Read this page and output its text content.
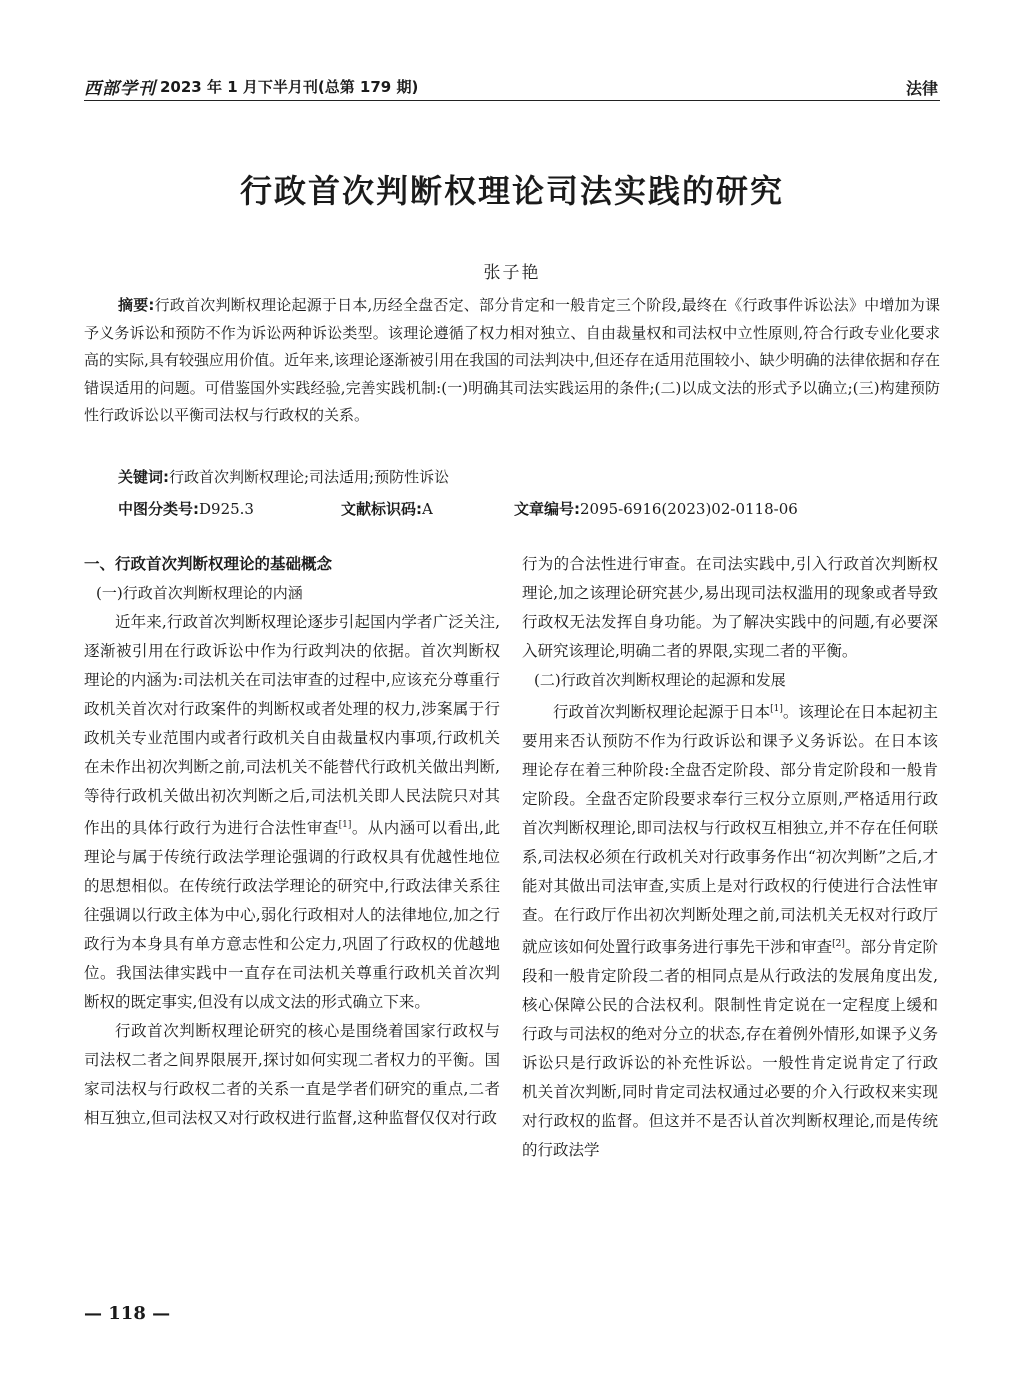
西部学刊 2023 年 1 月下半月刊(总第 179 期)	法律
行政首次判断权理论司法实践的研究
张子艳
摘要:行政首次判断权理论起源于日本,历经全盘否定、部分肯定和一般肯定三个阶段,最终在《行政事件诉讼法》中增加为课予义务诉讼和预防不作为诉讼两种诉讼类型。该理论遵循了权力相对独立、自由裁量权和司法权中立性原则,符合行政专业化要求高的实际,具有较强应用价值。近年来,该理论逐渐被引用在我国的司法判决中,但还存在适用范围较小、缺少明确的法律依据和存在错误适用的问题。可借鉴国外实践经验,完善实践机制:(一)明确其司法实践运用的条件;(二)以成文法的形式予以确立;(三)构建预防性行政诉讼以平衡司法权与行政权的关系。
关键词:行政首次判断权理论;司法适用;预防性诉讼
中图分类号:D925.3	文献标识码:A	文章编号:2095-6916(2023)02-0118-06

一、行政首次判断权理论的基础概念

(一)行政首次判断权理论的内涵

近年来,行政首次判断权理论逐步引起国内学者广泛关注,逐渐被引用在行政诉讼中作为行政判决的依据。首次判断权理论的内涵为:司法机关在司法审查的过程中,应该充分尊重行政机关首次对行政案件的判断权或者处理的权力,涉案属于行政机关专业范围内或者行政机关自由裁量权内事项,行政机关在未作出初次判断之前,司法机关不能替代行政机关做出判断,等待行政机关做出初次判断之后,司法机关即人民法院只对其作出的具体行政行为进行合法性审查[1]。从内涵可以看出,此理论与属于传统行政法学理论强调的行政权具有优越性地位的思想相似。在传统行政法学理论的研究中,行政法律关系往往强调以行政主体为中心,弱化行政相对人的法律地位,加之行政行为本身具有单方意志性和公定力,巩固了行政权的优越地位。我国法律实践中一直存在司法机关尊重行政机关首次判断权的既定事实,但没有以成文法的形式确立下来。

行政首次判断权理论研究的核心是围绕着国家行政权与司法权二者之间界限展开,探讨如何实现二者权力的平衡。国家司法权与行政权二者的关系一直是学者们研究的重点,二者相互独立,但司法权又对行政权进行监督,这种监督仅仅对行政

行为的合法性进行审查。在司法实践中,引入行政首次判断权理论,加之该理论研究甚少,易出现司法权滥用的现象或者导致行政权无法发挥自身功能。为了解决实践中的问题,有必要深入研究该理论,明确二者的界限,实现二者的平衡。

(二)行政首次判断权理论的起源和发展

行政首次判断权理论起源于日本[1]。该理论在日本起初主要用来否认预防不作为行政诉讼和课予义务诉讼。在日本该理论存在着三种阶段:全盘否定阶段、部分肯定阶段和一般肯定阶段。全盘否定阶段要求奉行三权分立原则,严格适用行政首次判断权理论,即司法权与行政权互相独立,并不存在任何联系,司法权必须在行政机关对行政事务作出“初次判断”之后,才能对其做出司法审查,实质上是对行政权的行使进行合法性审查。在行政厅作出初次判断处理之前,司法机关无权对行政厅就应该如何处置行政事务进行事先干涉和审查[2]。部分肯定阶段和一般肯定阶段二者的相同点是从行政法的发展角度出发,核心保障公民的合法权利。限制性肯定说在一定程度上缓和行政与司法权的绝对分立的状态,存在着例外情形,如课予义务诉讼只是行政诉讼的补充性诉讼。一般性肯定说肯定了行政机关首次判断,同时肯定司法权通过必要的介入行政权来实现对行政权的监督。但这并不是否认首次判断权理论,而是传统的行政法学

— 118 —
